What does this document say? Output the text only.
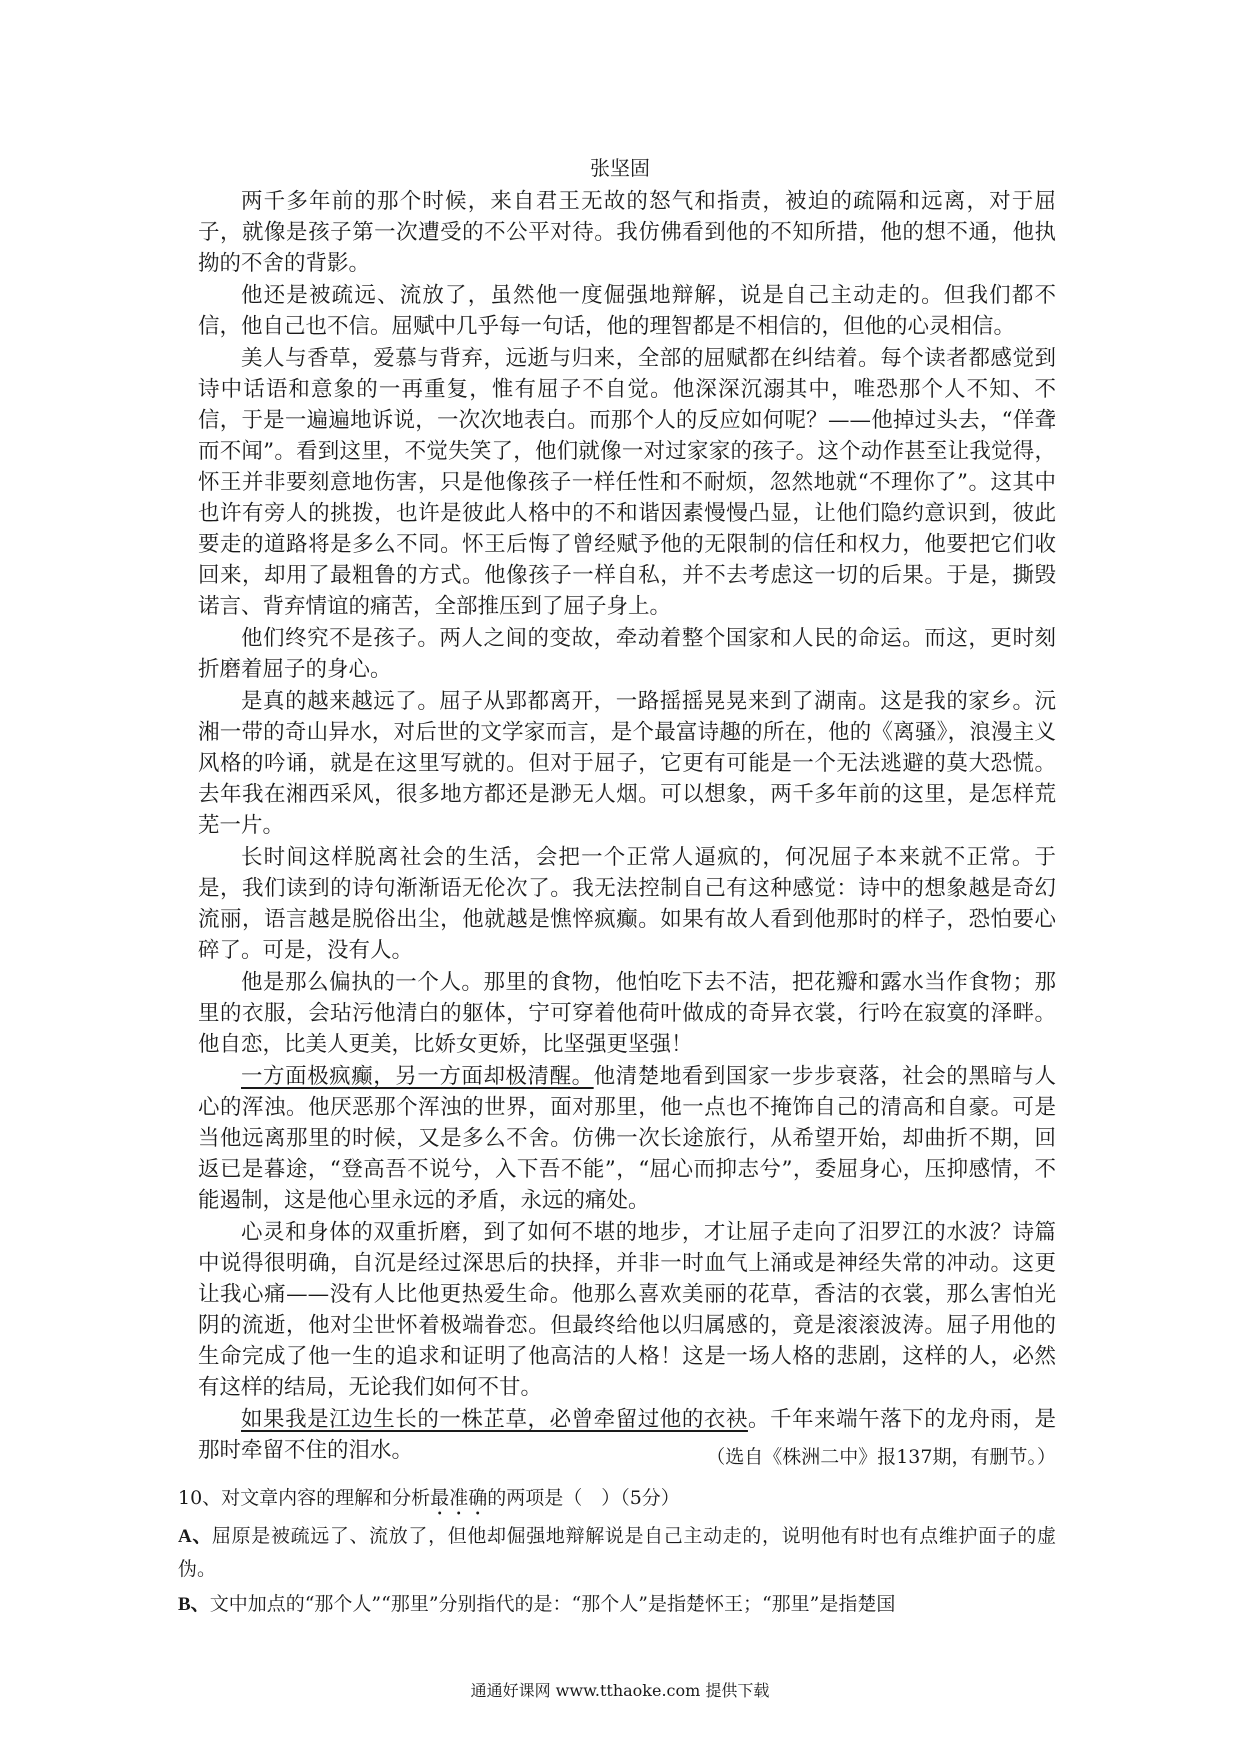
张坚固

两千多年前的那个时候，来自君王无故的怒气和指责，被迫的疏隔和远离，对于屈子，就像是孩子第一次遭受的不公平对待。我仿佛看到他的不知所措，他的想不通，他执拗的不舍的背影。

他还是被疏远、流放了，虽然他一度倔强地辩解，说是自己主动走的。但我们都不信，他自己也不信。屈赋中几乎每一句话，他的理智都是不相信的，但他的心灵相信。

美人与香草，爱慕与背弃，远逝与归来，全部的屈赋都在纠结着。每个读者都感觉到诗中话语和意象的一再重复，惟有屈子不自觉。他深深沉溺其中，唯恐那个人不知、不信，于是一遍遍地诉说，一次次地表白。而那个人的反应如何呢？——他掉过头去，“佯聋而不闻”。看到这里，不觉失笑了，他们就像一对过家家的孩子。这个动作甚至让我觉得，怀王并非要刻意地伤害，只是他像孩子一样任性和不耐烦，忽然地就“不理你了”。这其中也许有旁人的挑拨，也许是彼此人格中的不和谐因素慢慢凸显，让他们隐约意识到，彼此要走的道路将是多么不同。怀王后悔了曾经赋予他的无限制的信任和权力，他要把它们收回来，却用了最粗鲁的方式。他像孩子一样自私，并不去考虑这一切的后果。于是，撕毁诺言、背弃情谊的痛苦，全部推压到了屈子身上。

他们终究不是孩子。两人之间的变故，牵动着整个国家和人民的命运。而这，更时刻折磨着屈子的身心。

是真的越来越远了。屈子从郢都离开，一路摇摇晃晃来到了湖南。这是我的家乡。沅湘一带的奇山异水，对后世的文学家而言，是个最富诗趣的所在，他的《离骚》，浪漫主义风格的吟诵，就是在这里写就的。但对于屈子，它更有可能是一个无法逃避的莫大恐慌。去年我在湘西采风，很多地方都还是渺无人烟。可以想象，两千多年前的这里，是怎样荒芜一片。

长时间这样脱离社会的生活，会把一个正常人逼疯的，何况屈子本来就不正常。于是，我们读到的诗句渐渐语无伦次了。我无法控制自己有这种感觉：诗中的想象越是奇幻流丽，语言越是脱俗出尘，他就越是憔悴疯癫。如果有故人看到他那时的样子，恐怕要心碎了。可是，没有人。

他是那么偏执的一个人。那里的食物，他怕吃下去不洁，把花瓣和露水当作食物；那里的衣服，会玷污他清白的躯体，宁可穿着他荷叶做成的奇异衣裳，行吟在寂寞的泽畔。他自恋，比美人更美，比娇女更娇，比坚强更坚强！

一方面极疯癫，另一方面却极清醒。他清楚地看到国家一步步衰落，社会的黑暗与人心的浑浊。他厌恶那个浑浊的世界，面对那里，他一点也不掩饰自己的清高和自豪。可是当他远离那里的时候，又是多么不舍。仿佛一次长途旅行，从希望开始，却曲折不期，回返已是暮途，“登高吾不说兮，入下吾不能”，“屈心而抑志兮”，委屈身心，压抑感情，不能遏制，这是他心里永远的矛盾，永远的痛处。

心灵和身体的双重折磨，到了如何不堪的地步，才让屈子走向了汨罗江的水波？诗篇中说得很明确，自沉是经过深思后的抉择，并非一时血气上涌或是神经失常的冲动。这更让我心痛——没有人比他更热爱生命。他那么喜欢美丽的花草，香洁的衣裳，那么害怕光阴的流逝，他对尘世怀着极端眷恋。但最终给他以归属感的，竟是滚滚波涛。屈子用他的生命完成了他一生的追求和证明了他高洁的人格！这是一场人格的悲剧，这样的人，必然有这样的结局，无论我们如何不甘。

如果我是江边生长的一株芷草，必曾牵留过他的衣袂。千年来端午落下的龙舟雨，是那时牵留不住的泪水。	（选自《株洲二中》报137期，有删节。）
10、对文章内容的理解和分析最准确的两项是（　）（5分）
A、屈原是被疏远了、流放了，但他却倔强地辩解说是自己主动走的，说明他有时也有点维护面子的虚伪。
B、文中加点的“那个人”“那里”分别指代的是：“那个人”是指楚怀王；“那里”是指楚国
通通好课网 www.tthaoke.com 提供下载
